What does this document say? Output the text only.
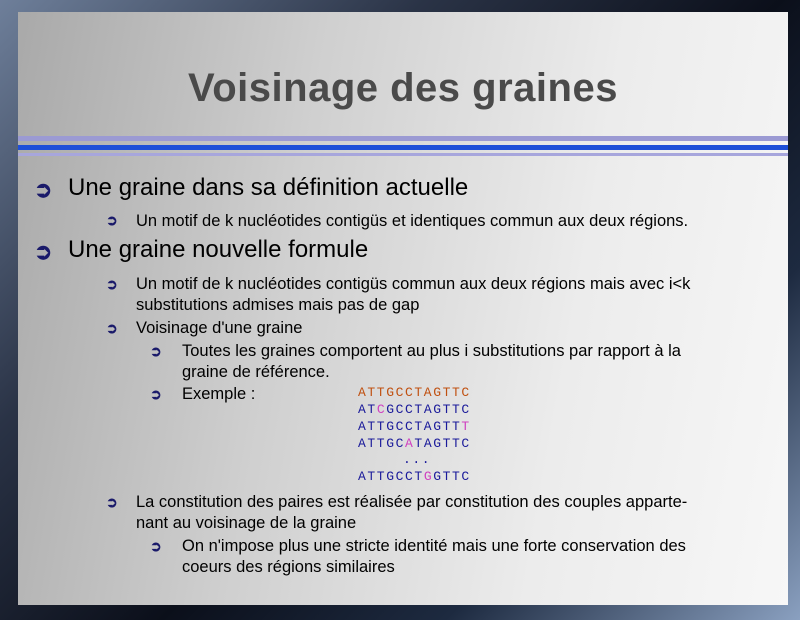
Voisinage des graines
➲ Une graine dans sa définition actuelle
➲ Un motif de k nucléotides contigüs et identiques commun aux deux régions.
➲ Une graine nouvelle formule
➲ Un motif de k nucléotides contigüs commun aux deux régions mais avec i<k
substitutions admises mais pas de gap
➲ Voisinage d'une graine
➲ Toutes les graines comportent au plus i substitutions par rapport à la
graine de référence.
➲ Exemple :	ATTGCCTAGTTC
ATCGCCTAGTTC
ATTGCCTAGTTT
ATTGCATAGTTC
...
ATTGCCTGGTTC
➲ La constitution des paires est réalisée par constitution des couples apparte-
nant au voisinage de la graine
➲ On n'impose plus une stricte identité mais une forte conservation des
coeurs des régions similaires
